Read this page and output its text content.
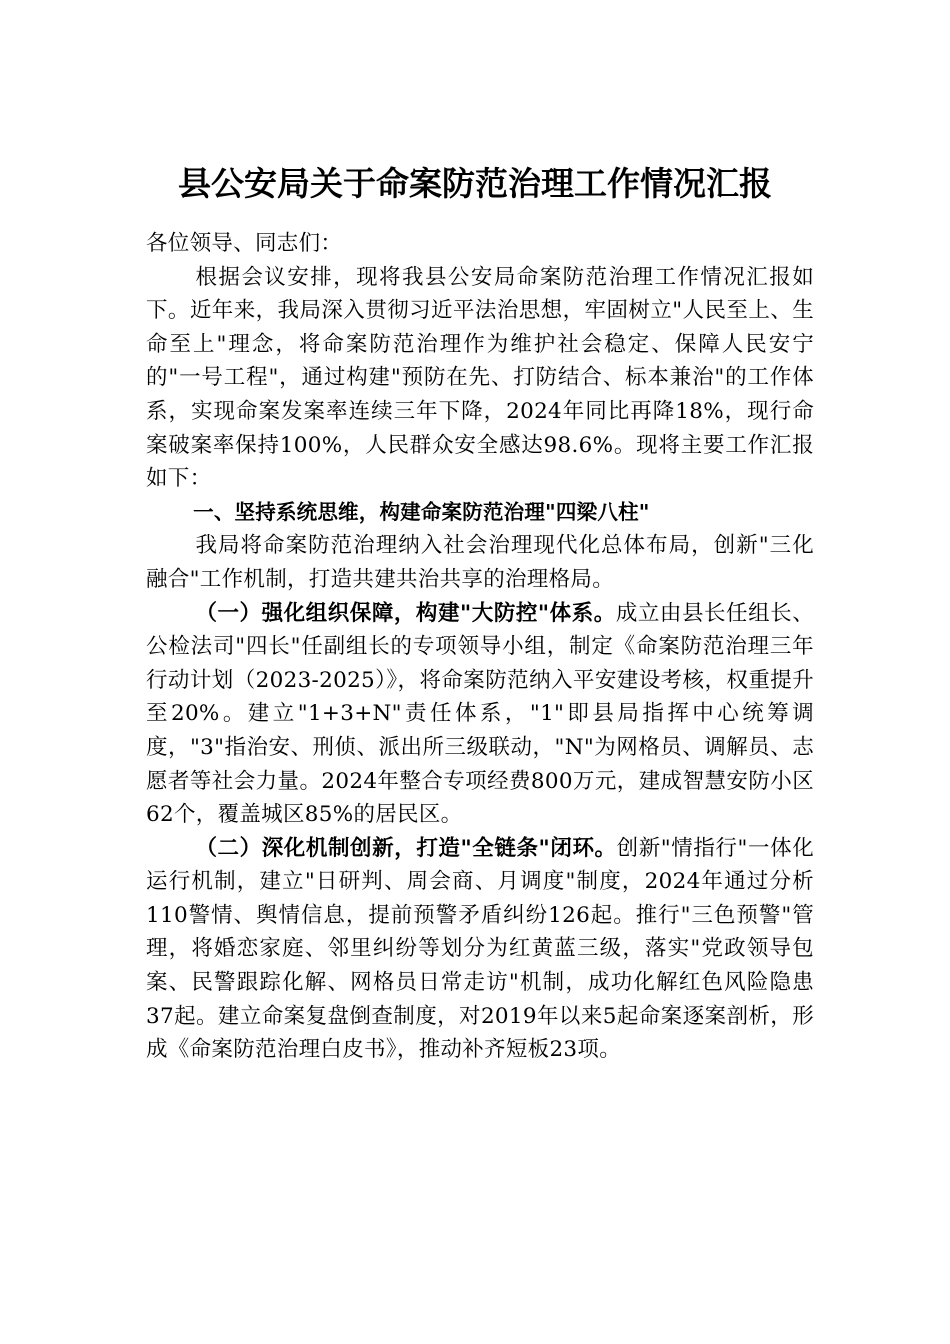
县公安局关于命案防范治理工作情况汇报

各位领导、同志们：

根据会议安排，现将我县公安局命案防范治理工作情况汇报如下。近年来，我局深入贯彻习近平法治思想，牢固树立"人民至上、生命至上"理念，将命案防范治理作为维护社会稳定、保障人民安宁的"一号工程"，通过构建"预防在先、打防结合、标本兼治"的工作体系，实现命案发案率连续三年下降，2024年同比再降18%，现行命案破案率保持100%，人民群众安全感达98.6%。现将主要工作汇报如下：

一、坚持系统思维，构建命案防范治理"四梁八柱"

我局将命案防范治理纳入社会治理现代化总体布局，创新"三化融合"工作机制，打造共建共治共享的治理格局。

（一）强化组织保障，构建"大防控"体系。成立由县长任组长、公检法司"四长"任副组长的专项领导小组，制定《命案防范治理三年行动计划（2023-2025）》，将命案防范纳入平安建设考核，权重提升至20%。建立"1+3+N"责任体系，"1"即县局指挥中心统筹调度，"3"指治安、刑侦、派出所三级联动，"N"为网格员、调解员、志愿者等社会力量。2024年整合专项经费800万元，建成智慧安防小区62个，覆盖城区85%的居民区。

（二）深化机制创新，打造"全链条"闭环。创新"情指行"一体化运行机制，建立"日研判、周会商、月调度"制度，2024年通过分析110警情、舆情信息，提前预警矛盾纠纷126起。推行"三色预警"管理，将婚恋家庭、邻里纠纷等划分为红黄蓝三级，落实"党政领导包案、民警跟踪化解、网格员日常走访"机制，成功化解红色风险隐患37起。建立命案复盘倒查制度，对2019年以来5起命案逐案剖析，形成《命案防范治理白皮书》，推动补齐短板23项。
